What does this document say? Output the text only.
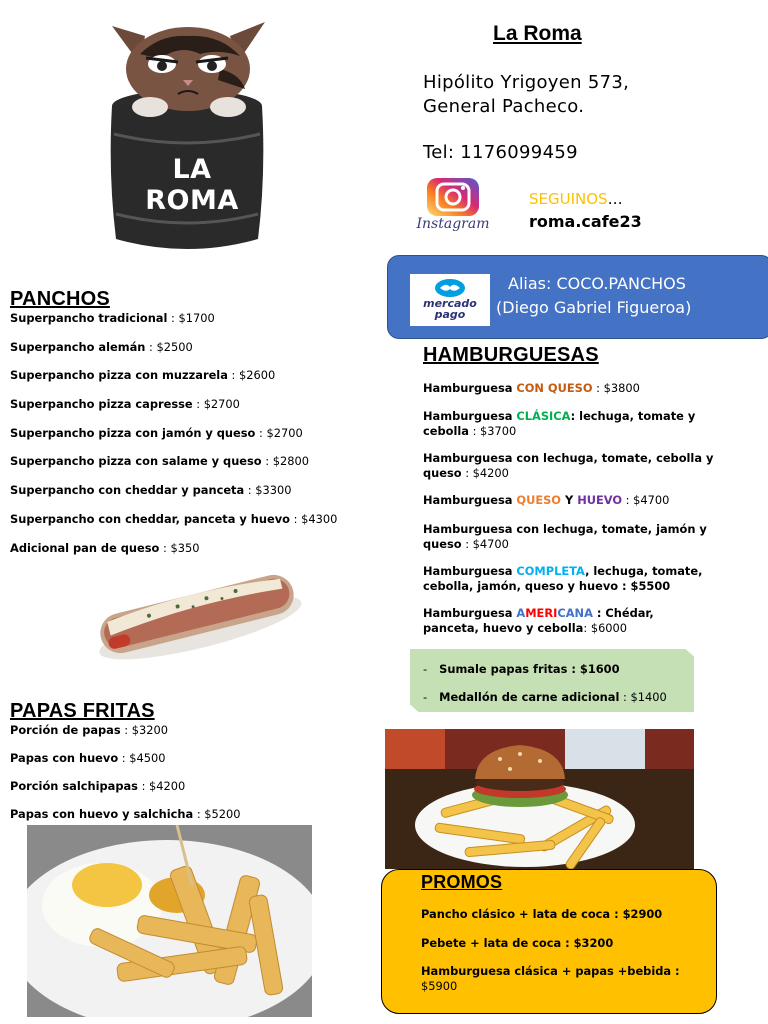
LA ROMA
La Roma
Hipólito Yrigoyen 573,
General Pacheco.
Tel: 1176099459
Instagram
SEGUINOS…
roma.cafe23
mercado
pago
Alias: COCO.PANCHOS
(Diego Gabriel Figueroa)
PANCHOS
Superpancho tradicional : $1700
Superpancho alemán : $2500
Superpancho pizza con muzzarela : $2600
Superpancho pizza capresse : $2700
Superpancho pizza con jamón y queso : $2700
Superpancho pizza con salame y queso : $2800
Superpancho con cheddar y panceta : $3300
Superpancho con cheddar, panceta y huevo : $4300
Adicional pan de queso : $350
PAPAS FRITAS
Porción de papas : $3200
Papas con huevo : $4500
Porción salchipapas : $4200
Papas con huevo y salchicha : $5200
HAMBURGUESAS
Hamburguesa CON QUESO : $3800
Hamburguesa CLÁSICA: lechuga, tomate y
cebolla : $3700
Hamburguesa con lechuga, tomate, cebolla y
queso : $4200
Hamburguesa QUESO Y HUEVO : $4700
Hamburguesa con lechuga, tomate, jamón y
queso : $4700
Hamburguesa COMPLETA, lechuga, tomate,
cebolla, jamón, queso y huevo : $5500
Hamburguesa AMERICANA : Chédar,
panceta, huevo y cebolla: $6000
- Sumale papas fritas : $1600
- Medallón de carne adicional : $1400
PROMOS
Pancho clásico + lata de coca : $2900
Pebete + lata de coca : $3200
Hamburguesa clásica + papas +bebida :
$5900
